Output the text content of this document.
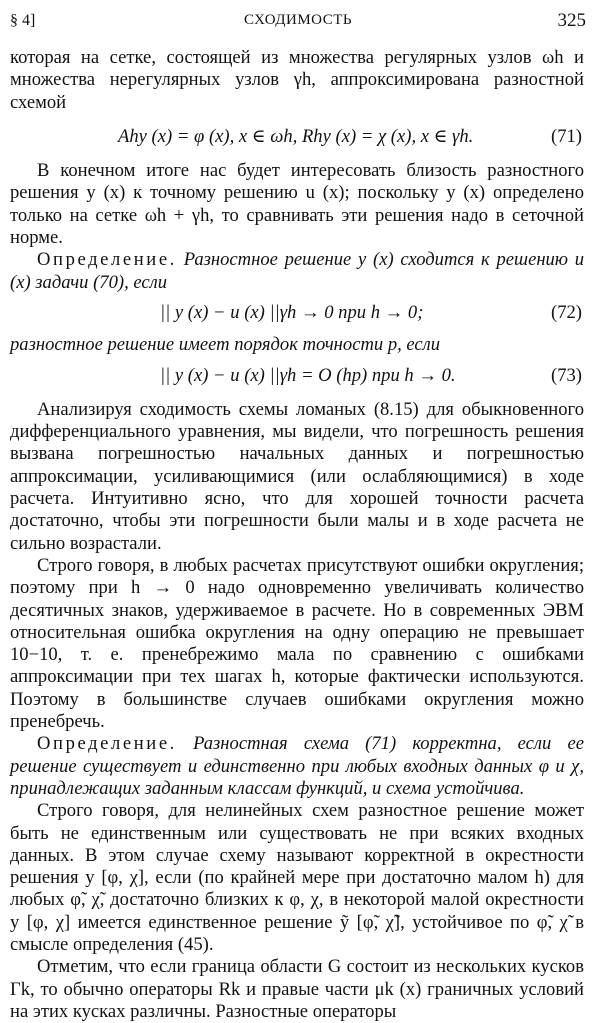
§ 4]	СХОДИМОСТЬ	325

которая на сетке, состоящей из множества регулярных узлов ωh и множества нерегулярных узлов γh, аппроксимирована разностной схемой

Ahy (x) = φ (x), x ∈ ωh, Rhy (x) = χ (x), x ∈ γh.	(71)

В конечном итоге нас будет интересовать близость разностного решения y (x) к точному решению u (x); поскольку y (x) определено только на сетке ωh + γh, то сравнивать эти решения надо в сеточной норме.

Определение. Разностное решение y (x) сходится к решению u (x) задачи (70), если

|| y (x) − u (x) ||γh → 0 при h → 0;	(72)

разностное решение имеет порядок точности p, если

|| y (x) − u (x) ||γh = O (hp) при h → 0.	(73)

Анализируя сходимость схемы ломаных (8.15) для обыкновенного дифференциального уравнения, мы видели, что погрешность решения вызвана погрешностью начальных данных и погрешностью аппроксимации, усиливающимися (или ослабляющимися) в ходе расчета. Интуитивно ясно, что для хорошей точности расчета достаточно, чтобы эти погрешности были малы и в ходе расчета не сильно возрастали.

Строго говоря, в любых расчетах присутствуют ошибки округления; поэтому при h → 0 надо одновременно увеличивать количество десятичных знаков, удерживаемое в расчете. Но в современных ЭВМ относительная ошибка округления на одну операцию не превышает 10−10, т. е. пренебрежимо мала по сравнению с ошибками аппроксимации при тех шагах h, которые фактически используются. Поэтому в большинстве случаев ошибками округления можно пренебречь.

Определение. Разностная схема (71) корректна, если ее решение существует и единственно при любых входных данных φ и χ, принадлежащих заданным классам функций, и схема устойчива.

Строго говоря, для нелинейных схем разностное решение может быть не единственным или существовать не при всяких входных данных. В этом случае схему называют корректной в окрестности решения y [φ, χ], если (по крайней мере при достаточно малом h) для любых φ̃, χ̃, достаточно близких к φ, χ, в некоторой малой окрестности y [φ, χ] имеется единственное решение ỹ [φ̃, χ̃], устойчивое по φ̃, χ̃ в смысле определения (45).

Отметим, что если граница области G состоит из нескольких кусков Γk, то обычно операторы Rk и правые части μk (x) граничных условий на этих кусках различны. Разностные операторы
